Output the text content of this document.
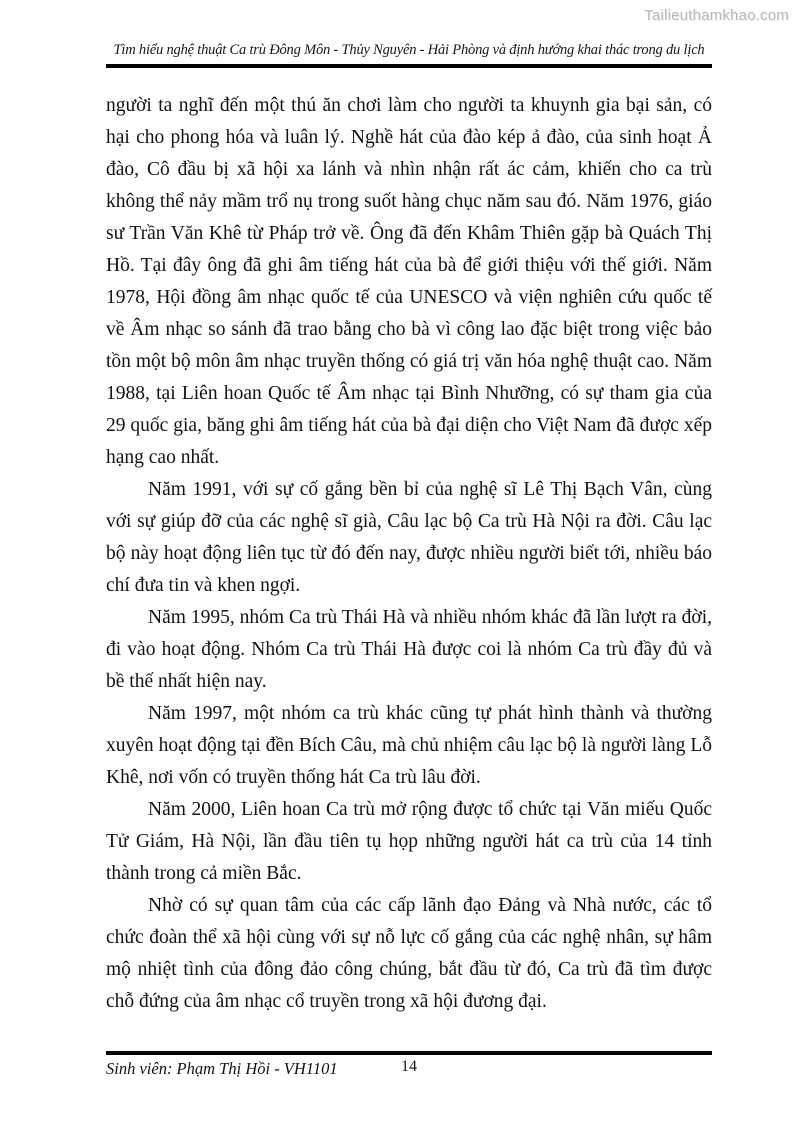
Tailieuthamkhao.com
Tìm hiểu nghệ thuật Ca trù Đông Môn - Thủy Nguyên - Hải Phòng và định hướng khai thác trong du lịch

người ta nghĩ đến một thú ăn chơi làm cho người ta khuynh gia bại sản, có hại cho phong hóa và luân lý. Nghề hát của đào kép ả đào, của sinh hoạt Ả đào, Cô đầu bị xã hội xa lánh và nhìn nhận rất ác cảm, khiến cho ca trù không thể nảy mầm trổ nụ trong suốt hàng chục năm sau đó. Năm 1976, giáo sư Trần Văn Khê từ Pháp trở về. Ông đã đến Khâm Thiên gặp bà Quách Thị Hồ. Tại đây ông đã ghi âm tiếng hát của bà để giới thiệu với thế giới. Năm 1978, Hội đồng âm nhạc quốc tế của UNESCO và viện nghiên cứu quốc tế về Âm nhạc so sánh đã trao bằng cho bà vì công lao đặc biệt trong việc bảo tồn một bộ môn âm nhạc truyền thống có giá trị văn hóa nghệ thuật cao. Năm 1988, tại Liên hoan Quốc tế Âm nhạc tại Bình Nhưỡng, có sự tham gia của 29 quốc gia, băng ghi âm tiếng hát của bà đại diện cho Việt Nam đã được xếp hạng cao nhất.

Năm 1991, với sự cố gắng bền bỉ của nghệ sĩ Lê Thị Bạch Vân, cùng với sự giúp đỡ của các nghệ sĩ già, Câu lạc bộ Ca trù Hà Nội ra đời. Câu lạc bộ này hoạt động liên tục từ đó đến nay, được nhiều người biết tới, nhiều báo chí đưa tin và khen ngợi.

Năm 1995, nhóm Ca trù Thái Hà và nhiều nhóm khác đã lần lượt ra đời, đi vào hoạt động. Nhóm Ca trù Thái Hà được coi là nhóm Ca trù đầy đủ và bề thế nhất hiện nay.

Năm 1997, một nhóm ca trù khác cũng tự phát hình thành và thường xuyên hoạt động tại đền Bích Câu, mà chủ nhiệm câu lạc bộ là người làng Lỗ Khê, nơi vốn có truyền thống hát Ca trù lâu đời.

Năm 2000, Liên hoan Ca trù mở rộng được tổ chức tại Văn miếu Quốc Tử Giám, Hà Nội, lần đầu tiên tụ họp những người hát ca trù của 14 tỉnh thành trong cả miền Bắc.

Nhờ có sự quan tâm của các cấp lãnh đạo Đảng và Nhà nước, các tổ chức đoàn thể xã hội cùng với sự nỗ lực cố gắng của các nghệ nhân, sự hâm mộ nhiệt tình của đông đảo công chúng, bắt đầu từ đó, Ca trù đã tìm được chỗ đứng của âm nhạc cổ truyền trong xã hội đương đại.

Sinh viên: Phạm Thị Hồi - VH1101	14
